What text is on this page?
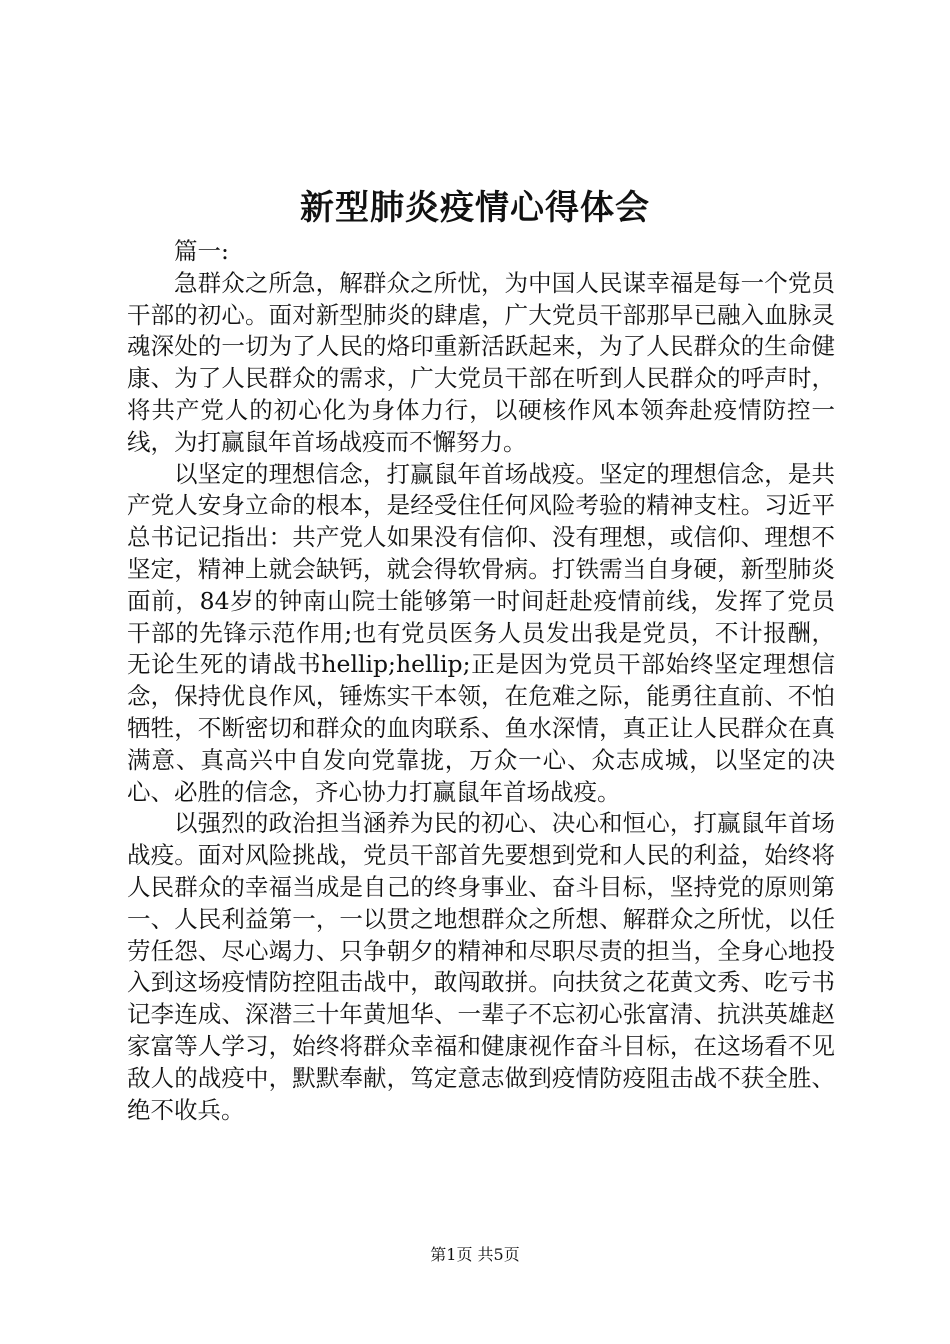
新型肺炎疫情心得体会

篇一:

急群众之所急，解群众之所忧，为中国人民谋幸福是每一个党员干部的初心。面对新型肺炎的肆虐，广大党员干部那早已融入血脉灵魂深处的一切为了人民的烙印重新活跃起来，为了人民群众的生命健康、为了人民群众的需求，广大党员干部在听到人民群众的呼声时，将共产党人的初心化为身体力行，以硬核作风本领奔赴疫情防控一线，为打赢鼠年首场战疫而不懈努力。

以坚定的理想信念，打赢鼠年首场战疫。坚定的理想信念，是共产党人安身立命的根本，是经受住任何风险考验的精神支柱。习近平总书记记指出：共产党人如果没有信仰、没有理想，或信仰、理想不坚定，精神上就会缺钙，就会得软骨病。打铁需当自身硬，新型肺炎面前，84岁的钟南山院士能够第一时间赶赴疫情前线，发挥了党员干部的先锋示范作用;也有党员医务人员发出我是党员，不计报酬，无论生死的请战书hellip;hellip;正是因为党员干部始终坚定理想信念，保持优良作风，锤炼实干本领，在危难之际，能勇往直前、不怕牺牲，不断密切和群众的血肉联系、鱼水深情，真正让人民群众在真满意、真高兴中自发向党靠拢，万众一心、众志成城，以坚定的决心、必胜的信念，齐心协力打赢鼠年首场战疫。

以强烈的政治担当涵养为民的初心、决心和恒心，打赢鼠年首场战疫。面对风险挑战，党员干部首先要想到党和人民的利益，始终将人民群众的幸福当成是自己的终身事业、奋斗目标，坚持党的原则第一、人民利益第一，一以贯之地想群众之所想、解群众之所忧，以任劳任怨、尽心竭力、只争朝夕的精神和尽职尽责的担当，全身心地投入到这场疫情防控阻击战中，敢闯敢拼。向扶贫之花黄文秀、吃亏书记李连成、深潜三十年黄旭华、一辈子不忘初心张富清、抗洪英雄赵家富等人学习，始终将群众幸福和健康视作奋斗目标，在这场看不见敌人的战疫中，默默奉献，笃定意志做到疫情防疫阻击战不获全胜、绝不收兵。

第1页 共5页
